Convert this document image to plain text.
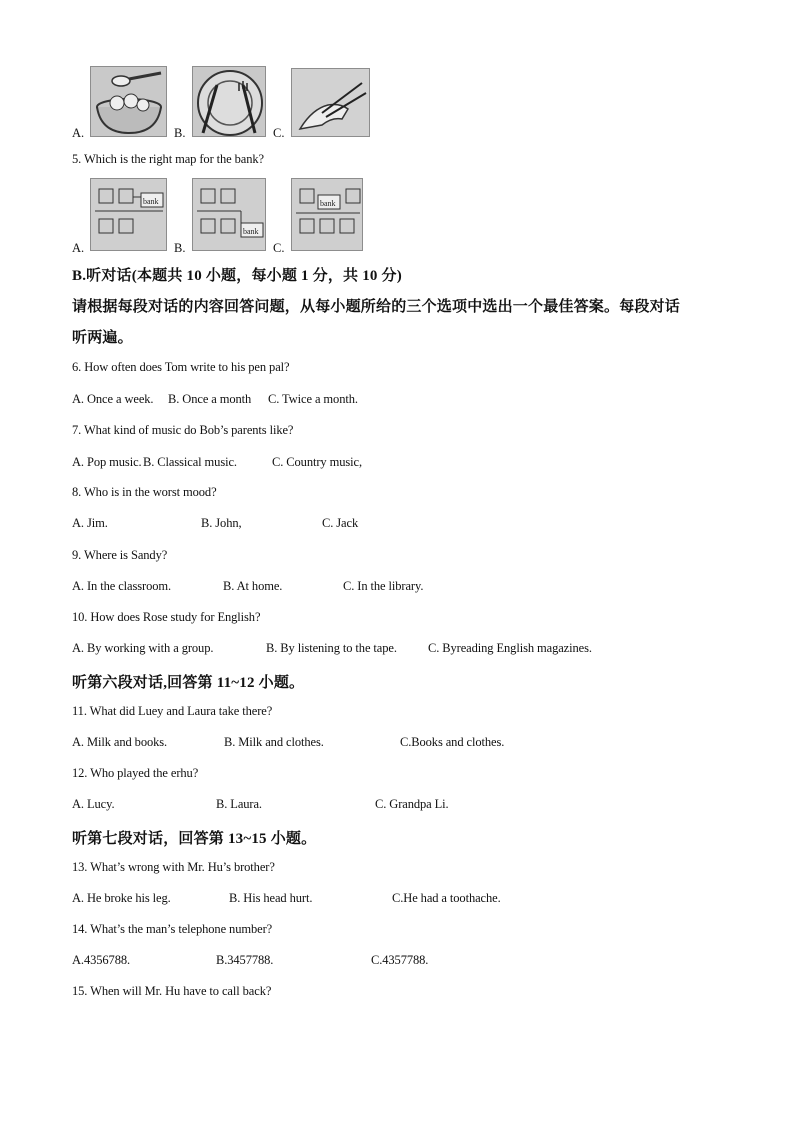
A.	B.	C.
5. Which is the right map for the bank?
A.
bank
B.
bank
C.
bank
B.听对话(本题共 10 小题，每小题 1 分，共 10 分)
请根据每段对话的内容回答问题，从每小题所给的三个选项中选出一个最佳答案。每段对话
听两遍。
6. How often does Tom write to his pen pal?
A. Once a week. B. Once a month C. Twice a month.
7. What kind of music do Bob’s parents like?
A. Pop music. B. Classical music.	C. Country music,
8. Who is in the worst mood?
A. Jim.	B. John,	C. Jack
9. Where is Sandy?
A. In the classroom.	B. At home.	C. In the library.
10. How does Rose study for English?
A. By working with a group.	B. By listening to the tape. C. Byreading English magazines.
听第六段对话,回答第 11~12 小题。
11. What did Luey and Laura take there?
A. Milk and books.	B. Milk and clothes.	C.Books and clothes.
12. Who played the erhu?
A. Lucy.	B. Laura.	C. Grandpa Li.
听第七段对话，回答第 13~15 小题。
13. What’s wrong with Mr. Hu’s brother?
A. He broke his leg.	B. His head hurt.	C.He had a toothache.
14. What’s the man’s telephone number?
A.4356788.	B.3457788.	C.4357788.
15. When will Mr. Hu have to call back?
